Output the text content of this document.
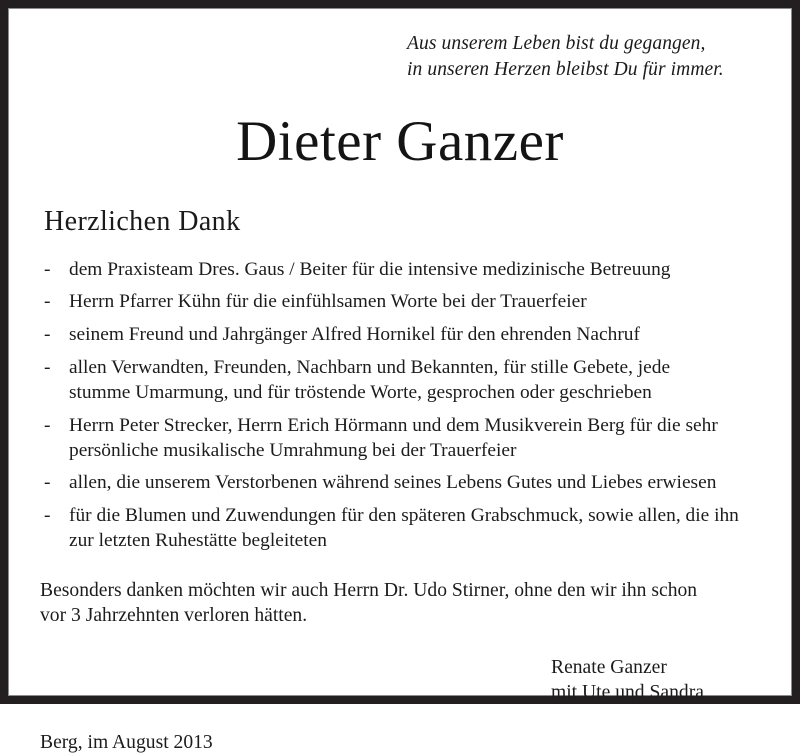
Aus unserem Leben bist du gegangen,
in unseren Herzen bleibst Du für immer.
Dieter Ganzer
Herzlichen Dank
- dem Praxisteam Dres. Gaus / Beiter für die intensive medizinische Betreuung
- Herrn Pfarrer Kühn für die einfühlsamen Worte bei der Trauerfeier
- seinem Freund und Jahrgänger Alfred Hornikel für den ehrenden Nachruf
- allen Verwandten, Freunden, Nachbarn und Bekannten, für stille Gebete, jede
stumme Umarmung, und für tröstende Worte, gesprochen oder geschrieben
- Herrn Peter Strecker, Herrn Erich Hörmann und dem Musikverein Berg für die sehr
persönliche musikalische Umrahmung bei der Trauerfeier
- allen, die unserem Verstorbenen während seines Lebens Gutes und Liebes erwiesen
- für die Blumen und Zuwendungen für den späteren Grabschmuck, sowie allen, die ihn
zur letzten Ruhestätte begleiteten
Besonders danken möchten wir auch Herrn Dr. Udo Stirner, ohne den wir ihn schon
vor 3 Jahrzehnten verloren hätten.
Renate Ganzer
mit Ute und Sandra
Berg, im August 2013
